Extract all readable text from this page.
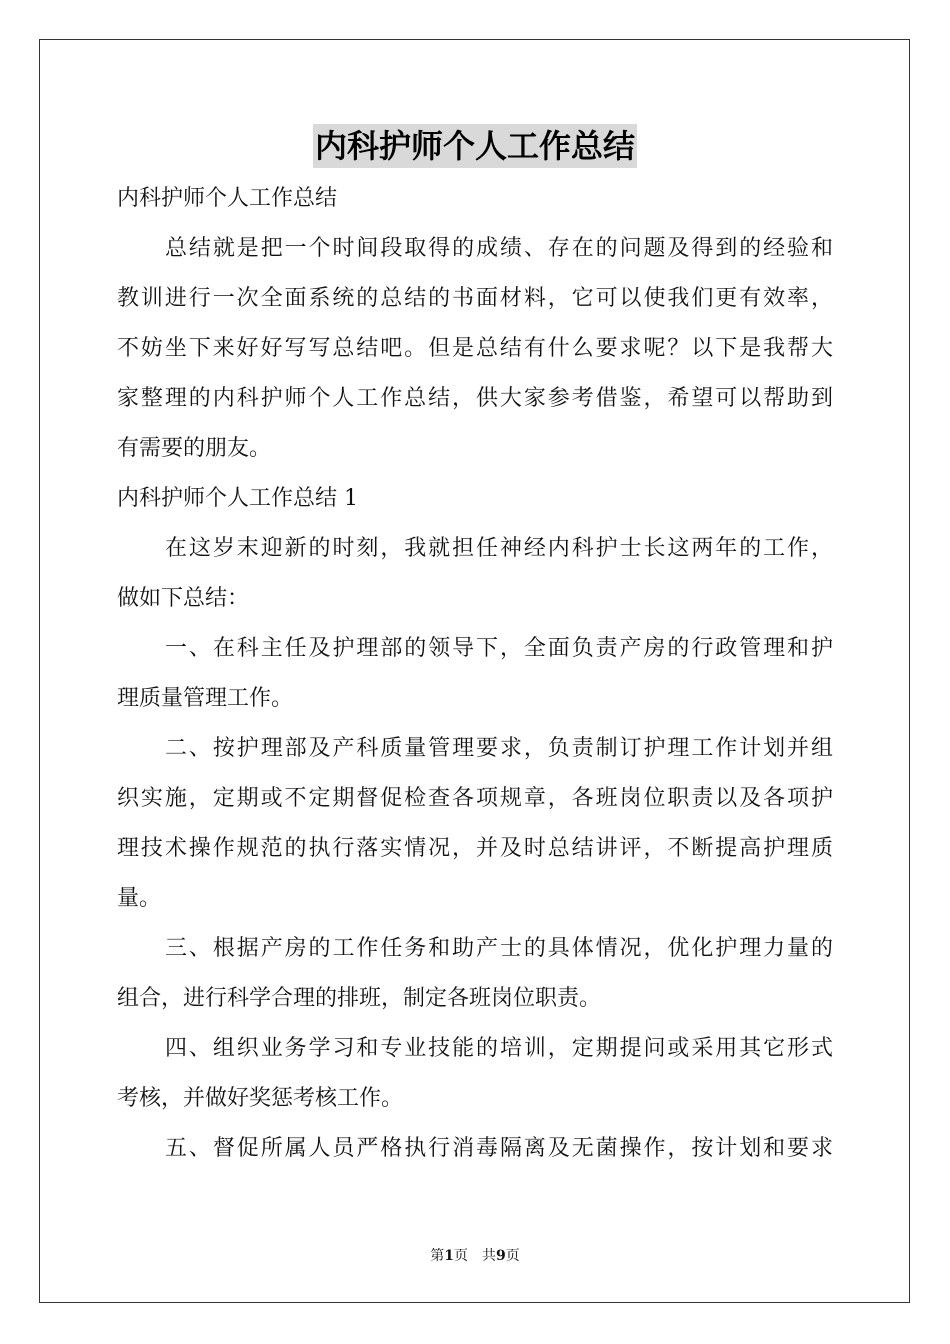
内科护师个人工作总结
内科护师个人工作总结
总结就是把一个时间段取得的成绩、存在的问题及得到的经验和
教训进行一次全面系统的总结的书面材料，它可以使我们更有效率，
不妨坐下来好好写写总结吧。但是总结有什么要求呢？以下是我帮大
家整理的内科护师个人工作总结，供大家参考借鉴，希望可以帮助到
有需要的朋友。
内科护师个人工作总结 1
在这岁末迎新的时刻，我就担任神经内科护士长这两年的工作，
做如下总结：
一、在科主任及护理部的领导下，全面负责产房的行政管理和护
理质量管理工作。
二、按护理部及产科质量管理要求，负责制订护理工作计划并组
织实施，定期或不定期督促检查各项规章，各班岗位职责以及各项护
理技术操作规范的执行落实情况，并及时总结讲评，不断提高护理质
量。
三、根据产房的工作任务和助产士的具体情况，优化护理力量的
组合，进行科学合理的排班，制定各班岗位职责。
四、组织业务学习和专业技能的培训，定期提问或采用其它形式
考核，并做好奖惩考核工作。
五、督促所属人员严格执行消毒隔离及无菌操作，按计划和要求
第1页　共9页
